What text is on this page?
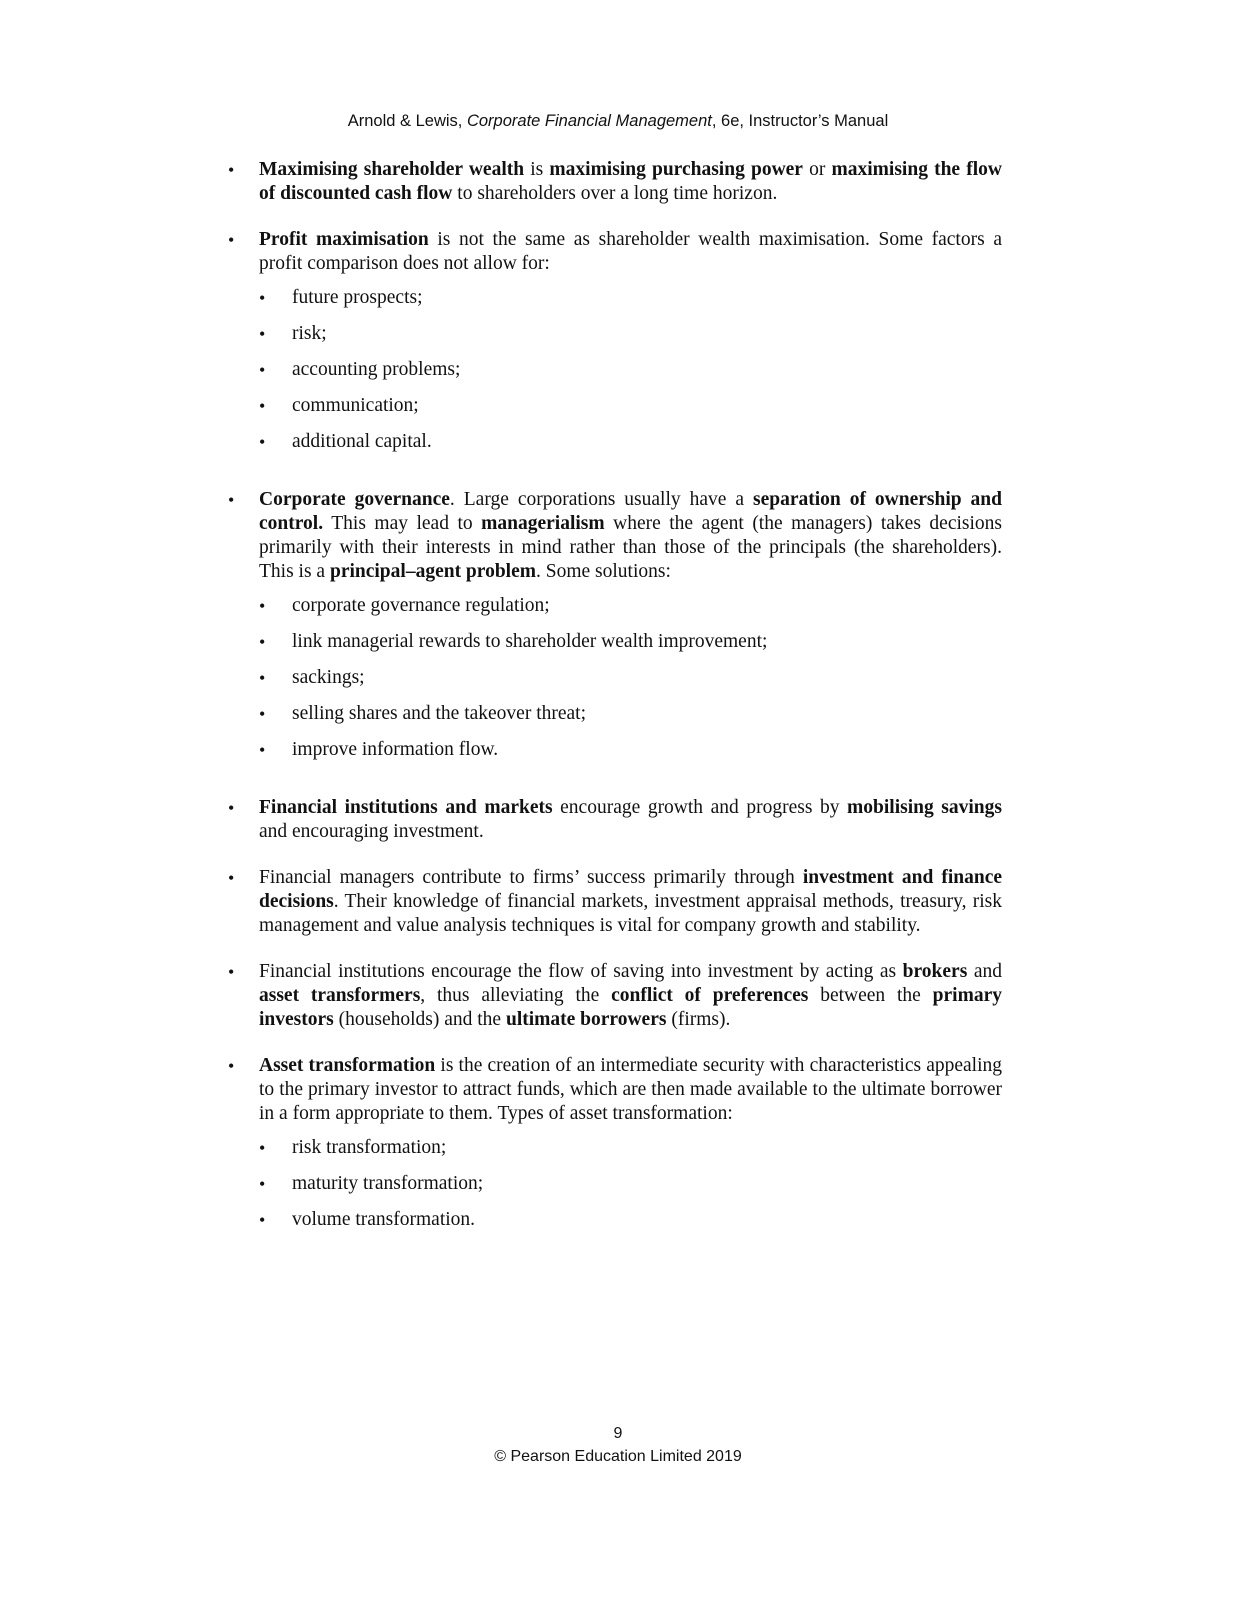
Arnold & Lewis, Corporate Financial Management, 6e, Instructor’s Manual
• Maximising shareholder wealth is maximising purchasing power or maximising the flow of discounted cash flow to shareholders over a long time horizon.
• Profit maximisation is not the same as shareholder wealth maximisation. Some factors a profit comparison does not allow for:
• future prospects;
• risk;
• accounting problems;
• communication;
• additional capital.
• Corporate governance. Large corporations usually have a separation of ownership and control. This may lead to managerialism where the agent (the managers) takes decisions primarily with their interests in mind rather than those of the principals (the shareholders). This is a principal–agent problem. Some solutions:
• corporate governance regulation;
• link managerial rewards to shareholder wealth improvement;
• sackings;
• selling shares and the takeover threat;
• improve information flow.
• Financial institutions and markets encourage growth and progress by mobilising savings and encouraging investment.
• Financial managers contribute to firms’ success primarily through investment and finance decisions. Their knowledge of financial markets, investment appraisal methods, treasury, risk management and value analysis techniques is vital for company growth and stability.
• Financial institutions encourage the flow of saving into investment by acting as brokers and asset transformers, thus alleviating the conflict of preferences between the primary investors (households) and the ultimate borrowers (firms).
• Asset transformation is the creation of an intermediate security with characteristics appealing to the primary investor to attract funds, which are then made available to the ultimate borrower in a form appropriate to them. Types of asset transformation:
• risk transformation;
• maturity transformation;
• volume transformation.
9
© Pearson Education Limited 2019
